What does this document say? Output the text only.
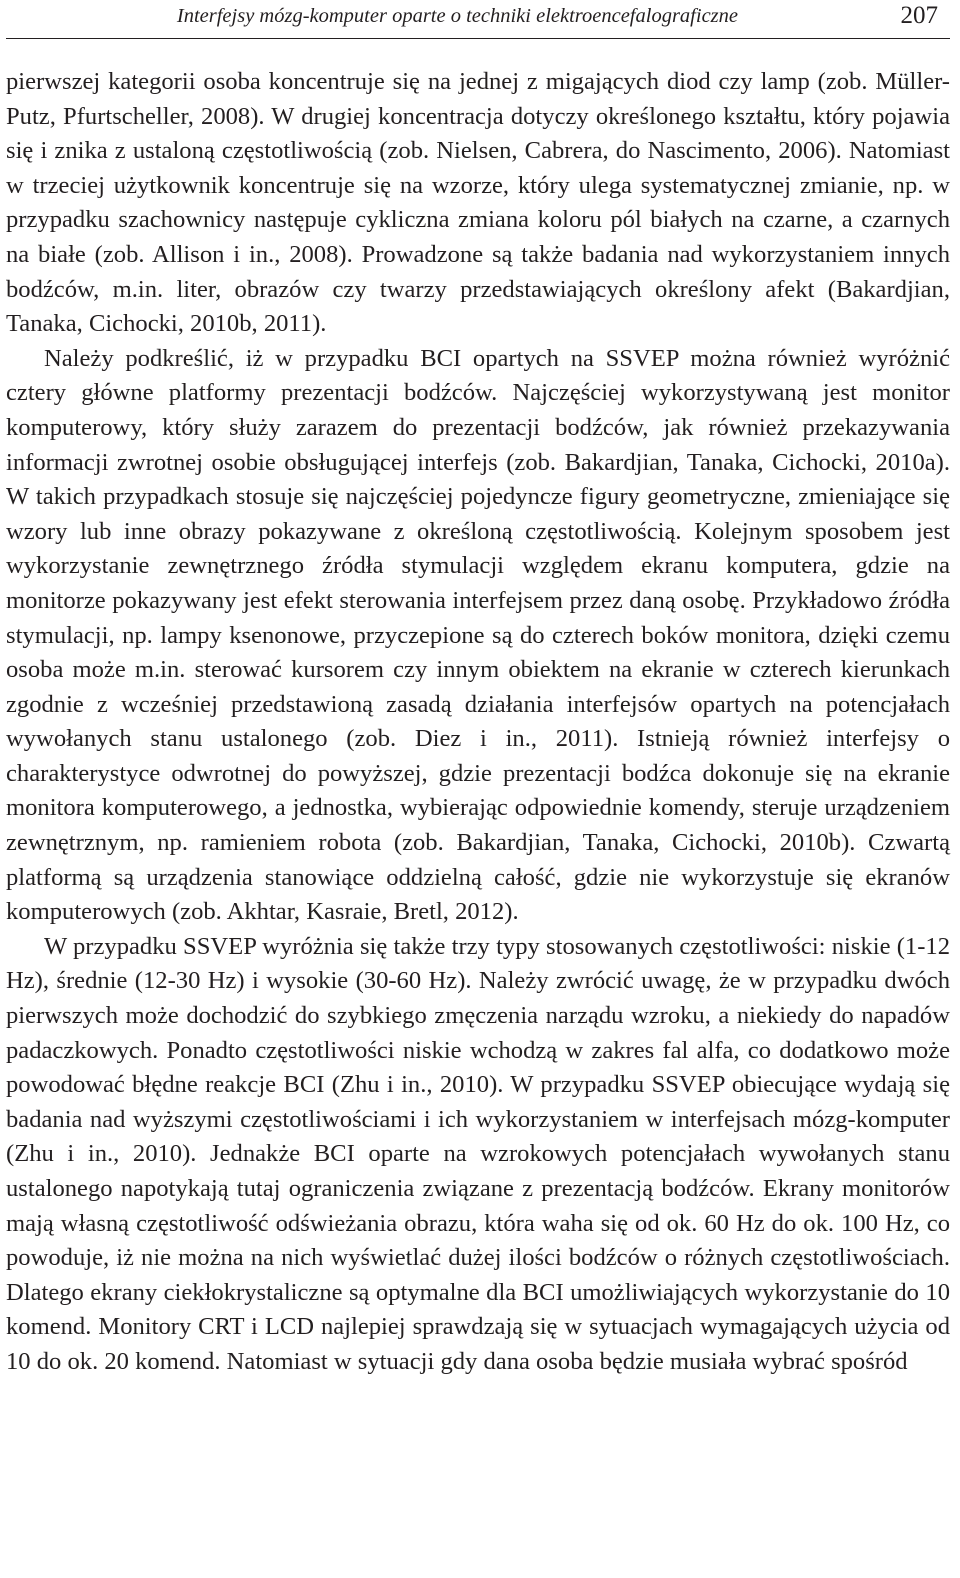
Interfejsy mózg-komputer oparte o techniki elektroencefalograficzne	207

pierwszej kategorii osoba koncentruje się na jednej z migających diod czy lamp (zob. Müller-Putz, Pfurtscheller, 2008). W drugiej koncentracja dotyczy określonego kształtu, który pojawia się i znika z ustaloną częstotliwością (zob. Nielsen, Cabrera, do Nascimento, 2006). Natomiast w trzeciej użytkownik koncentruje się na wzorze, który ulega systematycznej zmianie, np. w przypadku szachownicy następuje cykliczna zmiana koloru pól białych na czarne, a czarnych na białe (zob. Allison i in., 2008). Prowadzone są także badania nad wykorzystaniem innych bodźców, m.in. liter, obrazów czy twarzy przedstawiających określony afekt (Bakardjian, Tanaka, Cichocki, 2010b, 2011).

Należy podkreślić, iż w przypadku BCI opartych na SSVEP można również wyróżnić cztery główne platformy prezentacji bodźców. Najczęściej wykorzystywaną jest monitor komputerowy, który służy zarazem do prezentacji bodźców, jak również przekazywania informacji zwrotnej osobie obsługującej interfejs (zob. Bakardjian, Tanaka, Cichocki, 2010a). W takich przypadkach stosuje się najczęściej pojedyncze figury geometryczne, zmieniające się wzory lub inne obrazy pokazywane z określoną częstotliwością. Kolejnym sposobem jest wykorzystanie zewnętrznego źródła stymulacji względem ekranu komputera, gdzie na monitorze pokazywany jest efekt sterowania interfejsem przez daną osobę. Przykładowo źródła stymulacji, np. lampy ksenonowe, przyczepione są do czterech boków monitora, dzięki czemu osoba może m.in. sterować kursorem czy innym obiektem na ekranie w czterech kierunkach zgodnie z wcześniej przedstawioną zasadą działania interfejsów opartych na potencjałach wywołanych stanu ustalonego (zob. Diez i in., 2011). Istnieją również interfejsy o charakterystyce odwrotnej do powyższej, gdzie prezentacji bodźca dokonuje się na ekranie monitora komputerowego, a jednostka, wybierając odpowiednie komendy, steruje urządzeniem zewnętrznym, np. ramieniem robota (zob. Bakardjian, Tanaka, Cichocki, 2010b). Czwartą platformą są urządzenia stanowiące oddzielną całość, gdzie nie wykorzystuje się ekranów komputerowych (zob. Akhtar, Kasraie, Bretl, 2012).

W przypadku SSVEP wyróżnia się także trzy typy stosowanych częstotliwości: niskie (1-12 Hz), średnie (12-30 Hz) i wysokie (30-60 Hz). Należy zwrócić uwagę, że w przypadku dwóch pierwszych może dochodzić do szybkiego zmęczenia narządu wzroku, a niekiedy do napadów padaczkowych. Ponadto częstotliwości niskie wchodzą w zakres fal alfa, co dodatkowo może powodować błędne reakcje BCI (Zhu i in., 2010). W przypadku SSVEP obiecujące wydają się badania nad wyższymi częstotliwościami i ich wykorzystaniem w interfejsach mózg-komputer (Zhu i in., 2010). Jednakże BCI oparte na wzrokowych potencjałach wywołanych stanu ustalonego napotykają tutaj ograniczenia związane z prezentacją bodźców. Ekrany monitorów mają własną częstotliwość odświeżania obrazu, która waha się od ok. 60 Hz do ok. 100 Hz, co powoduje, iż nie można na nich wyświetlać dużej ilości bodźców o różnych częstotliwościach. Dlatego ekrany ciekłokrystaliczne są optymalne dla BCI umożliwiających wykorzystanie do 10 komend. Monitory CRT i LCD najlepiej sprawdzają się w sytuacjach wymagających użycia od 10 do ok. 20 komend. Natomiast w sytuacji gdy dana osoba będzie musiała wybrać spośród
